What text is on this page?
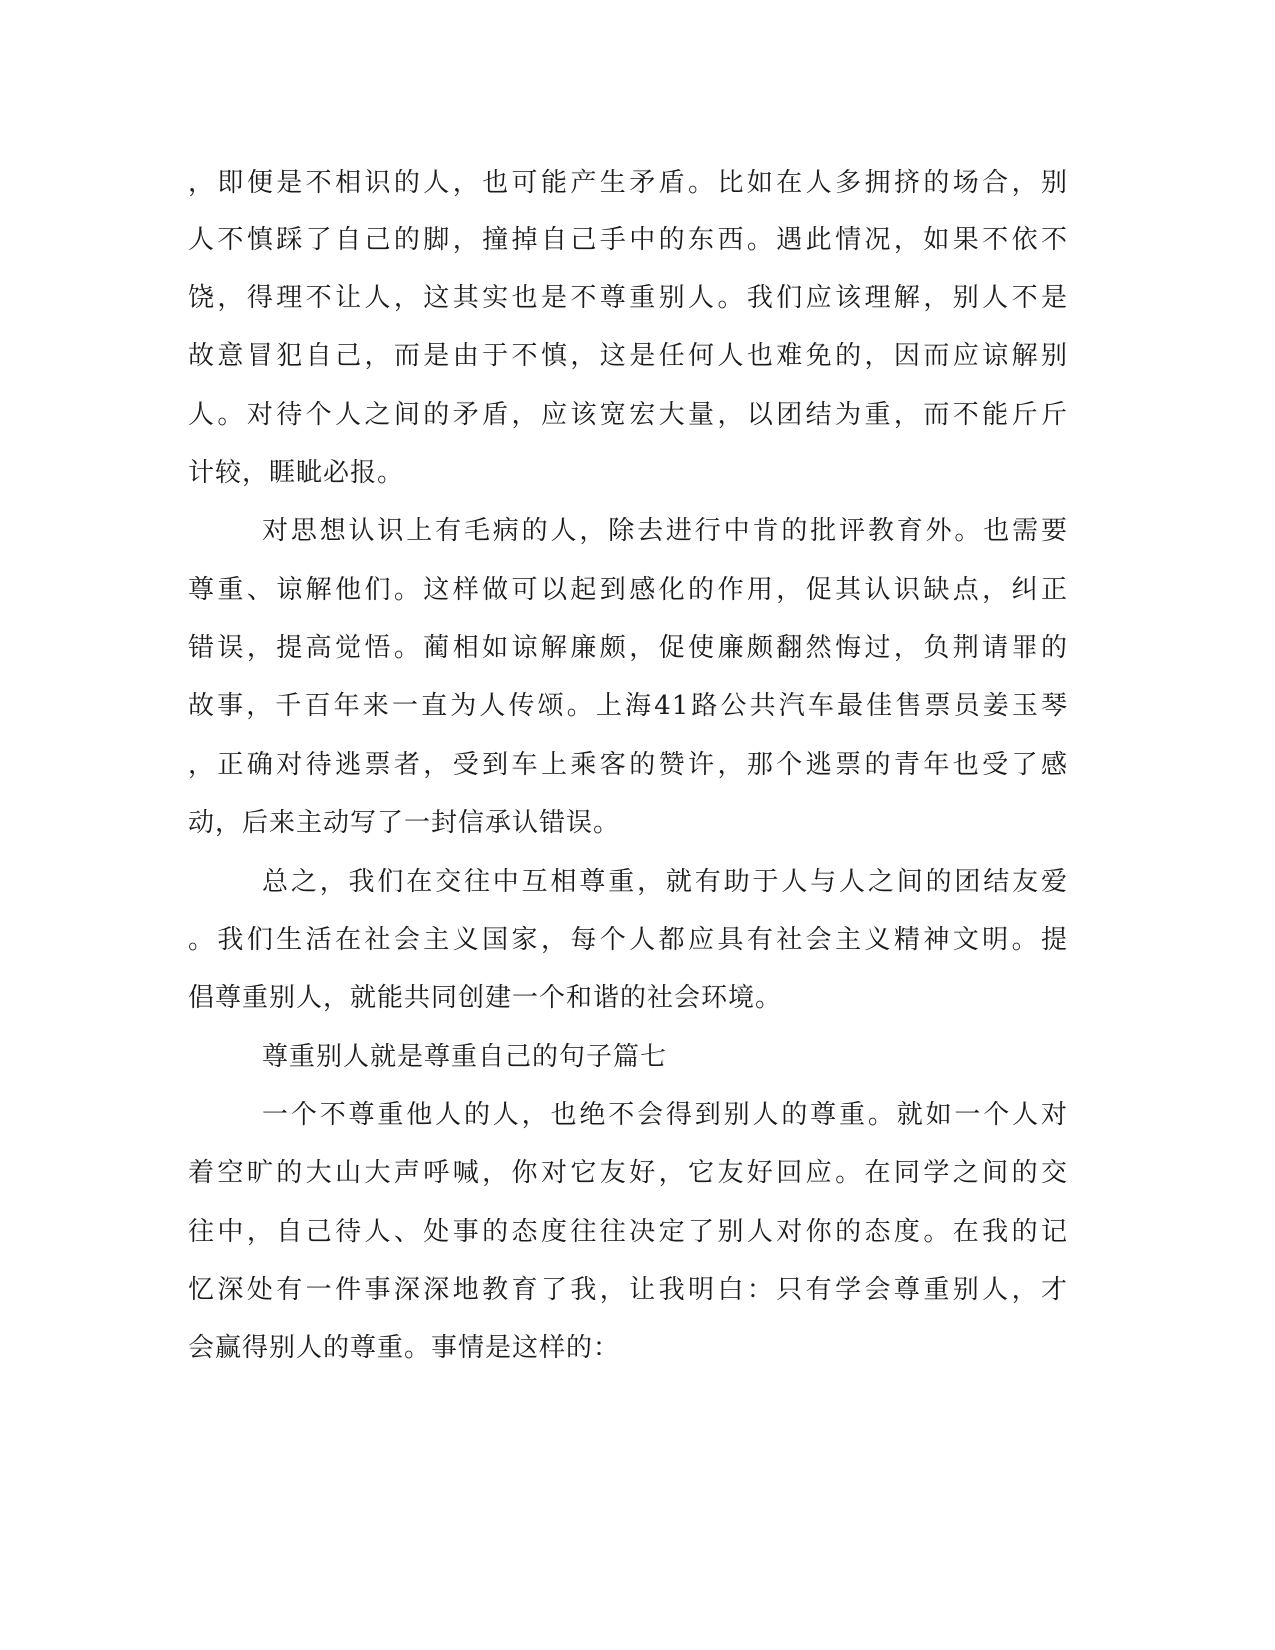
，即便是不相识的人，也可能产生矛盾。比如在人多拥挤的场合，别
人不慎踩了自己的脚，撞掉自己手中的东西。遇此情况，如果不依不
饶，得理不让人，这其实也是不尊重别人。我们应该理解，别人不是
故意冒犯自己，而是由于不慎，这是任何人也难免的，因而应谅解别
人。对待个人之间的矛盾，应该宽宏大量，以团结为重，而不能斤斤
计较，睚眦必报。
对思想认识上有毛病的人，除去进行中肯的批评教育外。也需要
尊重、谅解他们。这样做可以起到感化的作用，促其认识缺点，纠正
错误，提高觉悟。蔺相如谅解廉颇，促使廉颇翻然悔过，负荆请罪的
故事，千百年来一直为人传颂。上海41路公共汽车最佳售票员姜玉琴
，正确对待逃票者，受到车上乘客的赞许，那个逃票的青年也受了感
动，后来主动写了一封信承认错误。
总之，我们在交往中互相尊重，就有助于人与人之间的团结友爱
。我们生活在社会主义国家，每个人都应具有社会主义精神文明。提
倡尊重别人，就能共同创建一个和谐的社会环境。
尊重别人就是尊重自己的句子篇七
一个不尊重他人的人，也绝不会得到别人的尊重。就如一个人对
着空旷的大山大声呼喊，你对它友好，它友好回应。在同学之间的交
往中，自己待人、处事的态度往往决定了别人对你的态度。在我的记
忆深处有一件事深深地教育了我，让我明白：只有学会尊重别人，才
会赢得别人的尊重。事情是这样的：
